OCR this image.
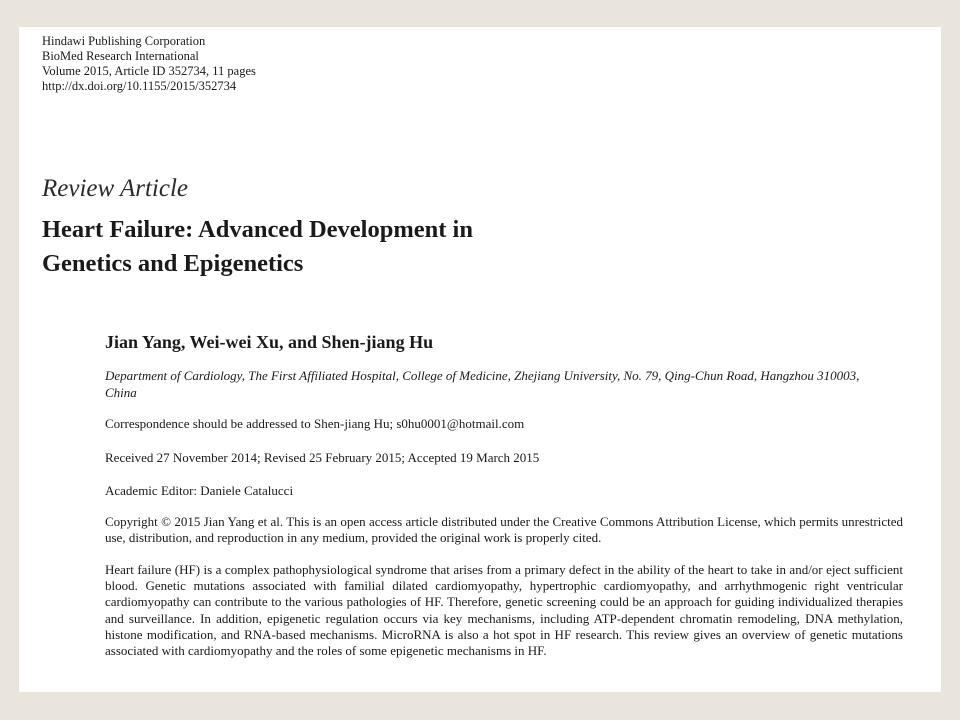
Hindawi Publishing Corporation
BioMed Research International
Volume 2015, Article ID 352734, 11 pages
http://dx.doi.org/10.1155/2015/352734
Review Article
Heart Failure: Advanced Development in
Genetics and Epigenetics
Jian Yang, Wei-wei Xu, and Shen-jiang Hu
Department of Cardiology, The First Affiliated Hospital, College of Medicine, Zhejiang University, No. 79, Qing-Chun Road, Hangzhou 310003, China
Correspondence should be addressed to Shen-jiang Hu; s0hu0001@hotmail.com
Received 27 November 2014; Revised 25 February 2015; Accepted 19 March 2015
Academic Editor: Daniele Catalucci
Copyright © 2015 Jian Yang et al. This is an open access article distributed under the Creative Commons Attribution License, which permits unrestricted use, distribution, and reproduction in any medium, provided the original work is properly cited.
Heart failure (HF) is a complex pathophysiological syndrome that arises from a primary defect in the ability of the heart to take in and/or eject sufficient blood. Genetic mutations associated with familial dilated cardiomyopathy, hypertrophic cardiomyopathy, and arrhythmogenic right ventricular cardiomyopathy can contribute to the various pathologies of HF. Therefore, genetic screening could be an approach for guiding individualized therapies and surveillance. In addition, epigenetic regulation occurs via key mechanisms, including ATP-dependent chromatin remodeling, DNA methylation, histone modification, and RNA-based mechanisms. MicroRNA is also a hot spot in HF research. This review gives an overview of genetic mutations associated with cardiomyopathy and the roles of some epigenetic mechanisms in HF.
